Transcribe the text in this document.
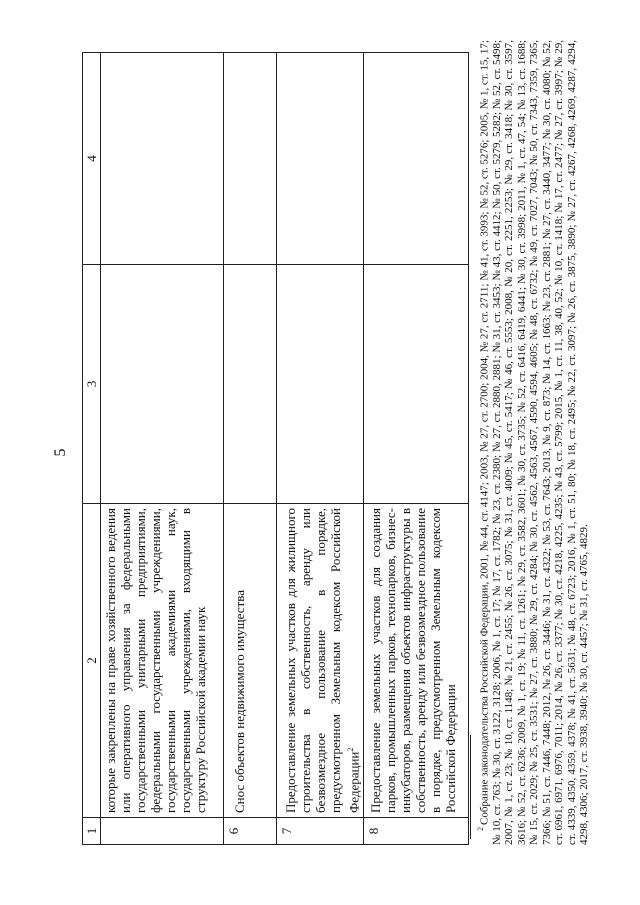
5
1	2	3	4
	которые закреплены на праве хозяйственного ведения или оперативного управления за федеральными государственными унитарными предприятиями, федеральными государственными учреждениями, государственными академиями наук, государственными учреждениями, входящими в структуру Российской академии наук		
6	Снос объектов недвижимого имущества		
7	Предоставление земельных участков для жилищного строительства в собственность, аренду или безвозмездное пользование в порядке, предусмотренном Земельным кодексом Российской Федерации$^2$		
8	Предоставление земельных участков для создания парков, промышленных парков, технопарков, бизнес-инкубаторов, размещения объектов инфраструктуры в собственность, аренду или безвозмездное пользование в порядке, предусмотренном Земельным кодексом Российской Федерации		
$^2$Собрание законодательства Российской Федерации, 2001, № 44, ст. 4147; 2003, № 27, ст. 2700; 2004, № 27, ст. 2711; № 41, ст. 3993; № 52, ст. 5276; 2005, № 1, ст. 15, 17; № 10, ст. 763; № 30, ст. 3122, 3128; 2006, № 1, ст. 17; № 17, ст. 1782; № 23, ст. 2380; № 27, ст. 2880, 2881; № 31, ст. 3453; № 43, ст. 4412; № 50, ст. 5279, 5282; № 52, ст. 5498; 2007, № 1, ст. 23; № 10, ст. 1148; № 21, ст. 2455; № 26, ст. 3075; № 31, ст. 4009; № 45, ст. 5417; № 46, ст. 5553; 2008, № 20, ст. 2251, 2253; № 29, ст. 3418; № 30, ст. 3597, 3616; № 52, ст. 6236; 2009, № 1, ст. 19; № 11, ст. 1261; № 29, ст. 3582, 3601; № 30, ст. 3735; № 52, ст. 6416, 6419, 6441; № 30, ст. 3998; 2011, № 1, ст. 47, 54; № 13, ст. 1688; № 15, ст. 2029; № 25, ст. 3531; № 27, ст. 3880; № 29, ст. 4284; № 30, ст. 4562, 4563, 4567, 4590, 4594, 4605; № 48, ст. 6732; № 49, ст. 7027, 7043; № 50, ст. 7343, 7359, 7365, 7366; № 51, ст. 7446, 7448; 2012, № 26, ст. 3446; № 31, ст. 4322; № 53, ст. 7643; 2013, № 9, ст. 873; № 14, ст. 1663; № 23, ст. 2881; № 27, ст. 3440, 3477; № 30, ст. 4080; № 52, ст. 6961, 6971, 6976, 7011; 2014, № 26, ст. 3377; № 30, ст. 4218, 4225, 4235; № 43, ст. 5799; 2015, № 1, ст. 11, 38, 40, 52; № 10, ст. 1418; № 17, ст. 2477; № 27, ст. 3997; № 29, ст. 4339, 4350, 4359, 4378; № 41, ст. 5631; № 48, ст. 6723; 2016, № 1, ст. 51, 80; № 18, ст. 2495; № 22, ст. 3097; № 26, ст. 3875, 3890; № 27, ст. 4267, 4268, 4269, 4287, 4294, 4298, 4306; 2017, ст. 3938, 3940; № 30, ст. 4457; № 31, ст. 4765, 4829.
